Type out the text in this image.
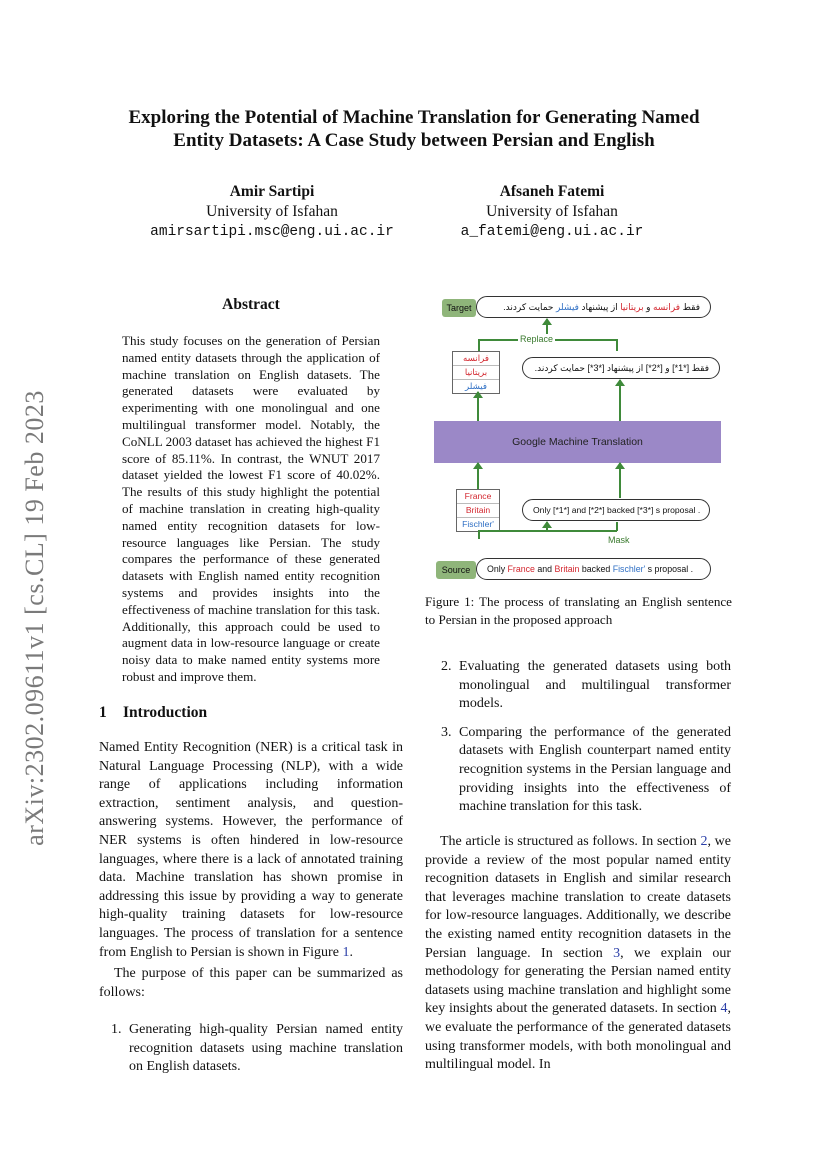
arXiv:2302.09611v1 [cs.CL] 19 Feb 2023
Exploring the Potential of Machine Translation for Generating Named
Entity Datasets: A Case Study between Persian and English
Amir Sartipi
University of Isfahan
amirsartipi.msc@eng.ui.ac.ir
Afsaneh Fatemi
University of Isfahan
a_fatemi@eng.ui.ac.ir
Abstract
This study focuses on the generation of Persian named entity datasets through the application of machine translation on English datasets. The generated datasets were evaluated by experimenting with one monolingual and one multilingual transformer model. Notably, the CoNLL 2003 dataset has achieved the highest F1 score of 85.11%. In contrast, the WNUT 2017 dataset yielded the lowest F1 score of 40.02%. The results of this study highlight the potential of machine translation in creating high-quality named entity recognition datasets for low-resource languages like Persian. The study compares the performance of these generated datasets with English named entity recognition systems and provides insights into the effectiveness of machine translation for this task. Additionally, this approach could be used to augment data in low-resource language or create noisy data to make named entity systems more robust and improve them.
1 Introduction
Named Entity Recognition (NER) is a critical task in Natural Language Processing (NLP), with a wide range of applications including information extraction, sentiment analysis, and question-answering systems. However, the performance of NER systems is often hindered in low-resource languages, where there is a lack of annotated training data. Machine translation has shown promise in addressing this issue by providing a way to generate high-quality training datasets for low-resource languages. The process of translation for a sentence from English to Persian is shown in Figure 1.
The purpose of this paper can be summarized as follows:
1. Generating high-quality Persian named entity recognition datasets using machine translation on English datasets.
2. Evaluating the generated datasets using both monolingual and multilingual transformer models.
3. Comparing the performance of the generated datasets with English counterpart named entity recognition systems in the Persian language and providing insights into the effectiveness of machine translation for this task.
The article is structured as follows. In section 2, we provide a review of the most popular named entity recognition datasets in English and similar research that leverages machine translation to create datasets for low-resource languages. Additionally, we describe the existing named entity recognition datasets in the Persian language. In section 3, we explain our methodology for generating the Persian named entity datasets using machine translation and highlight some key insights about the generated datasets. In section 4, we evaluate the performance of the generated datasets using transformer models, with both monolingual and multilingual model. In
Target	فقط فرانسه و بریتانیا از پیشنهاد فیشلر حمایت کردند.
Replace
فرانسه
بریتانیا
فیشلر
فقط [*1*] و [*2*] از پیشنهاد [*3*] حمایت کردند.
Google Machine Translation
France
Britain
Fischler'
Only [*1*] and [*2*] backed [*3*] s proposal .
Mask
Source	Only France and Britain backed Fischler' s proposal .
Figure 1: The process of translating an English sentence to Persian in the proposed approach
